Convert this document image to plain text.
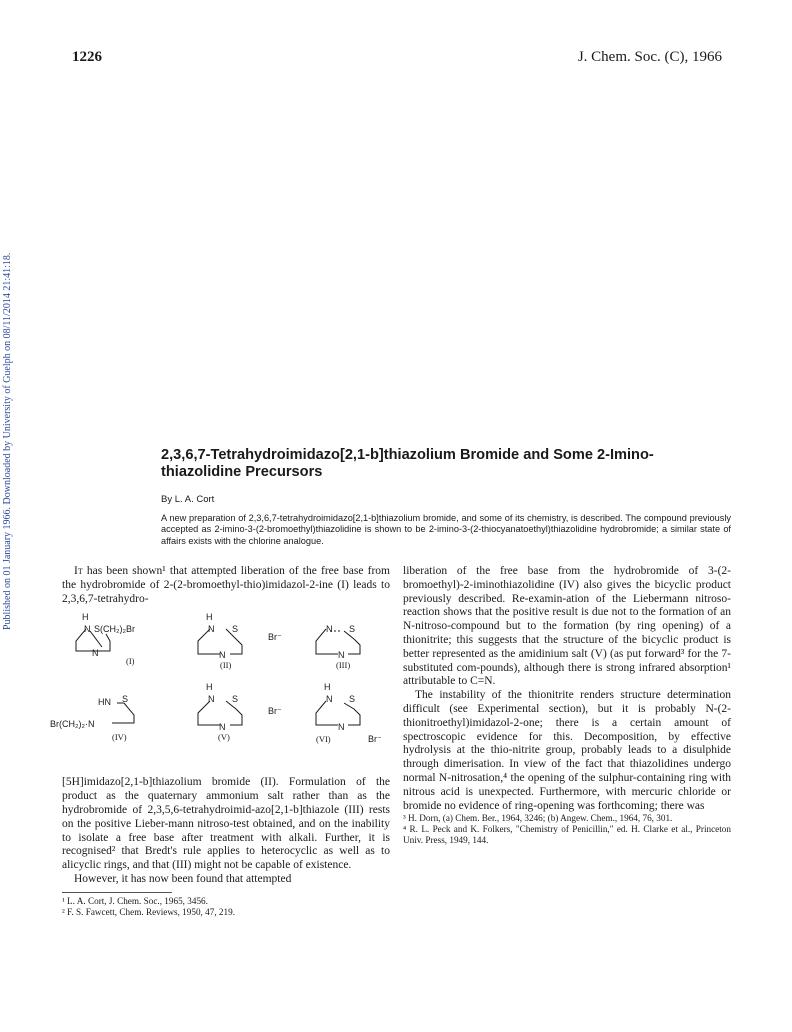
1226	J. Chem. Soc. (C), 1966
Published on 01 January 1966. Downloaded by University of Guelph on 08/11/2014 21:41:18.	2,3,6,7-Tetrahydroimidazo[2,1-b]thiazolium Bromide and Some 2-Imino-thiazolidine Precursors

By L. A. Cort

A new preparation of 2,3,6,7-tetrahydroimidazo[2,1-b]thiazolium bromide, and some of its chemistry, is described. The compound previously accepted as 2-imino-3-(2-bromoethyl)thiazolidine is shown to be 2-imino-3-(2-thiocyanatoethyl)thiazolidine hydrobromide; a similar state of affairs exists with the chlorine analogue.

It has been shown¹ that attempted liberation of the free base from the hydrobromide of 2-(2-bromoethyl-thio)imidazol-2-ine (I) leads to 2,3,6,7-tetrahydro-

H
N S(CH₂)₂Br
N
(I)
H
N S
N
Br⁻
(II)
N S
N
(III)
HN S
Br(CH₂)₂·N
(IV)
H
N S
N
Br⁻
(V)
H
N S
N
(VI)	Br⁻

[5H]imidazo[2,1-b]thiazolium bromide (II). Formulation of the product as the quaternary ammonium salt rather than as the hydrobromide of 2,3,5,6-tetrahydroimid-azo[2,1-b]thiazole (III) rests on the positive Lieber-mann nitroso-test obtained, and on the inability to isolate a free base after treatment with alkali. Further, it is recognised² that Bredt's rule applies to heterocyclic as well as to alicyclic rings, and that (III) might not be capable of existence.

However, it has now been found that attempted

¹ L. A. Cort, J. Chem. Soc., 1965, 3456.

² F. S. Fawcett, Chem. Reviews, 1950, 47, 219.

liberation of the free base from the hydrobromide of 3-(2-bromoethyl)-2-iminothiazolidine (IV) also gives the bicyclic product previously described. Re-examin-ation of the Liebermann nitroso-reaction shows that the positive result is due not to the formation of an N-nitroso-compound but to the formation (by ring opening) of a thionitrite; this suggests that the structure of the bicyclic product is better represented as the amidinium salt (V) (as put forward³ for the 7-substituted com-pounds), although there is strong infrared absorption¹ attributable to C=N.

The instability of the thionitrite renders structure determination difficult (see Experimental section), but it is probably N-(2-thionitroethyl)imidazol-2-one; there is a certain amount of spectroscopic evidence for this. Decomposition, by effective hydrolysis at the thio-nitrite group, probably leads to a disulphide through dimerisation. In view of the fact that thiazolidines undergo normal N-nitrosation,⁴ the opening of the sulphur-containing ring with nitrous acid is unexpected. Furthermore, with mercuric chloride or bromide no evidence of ring-opening was forthcoming; there was

³ H. Dorn, (a) Chem. Ber., 1964, 3246; (b) Angew. Chem., 1964, 76, 301.

⁴ R. L. Peck and K. Folkers, "Chemistry of Penicillin," ed. H. Clarke et al., Princeton Univ. Press, 1949, 144.
